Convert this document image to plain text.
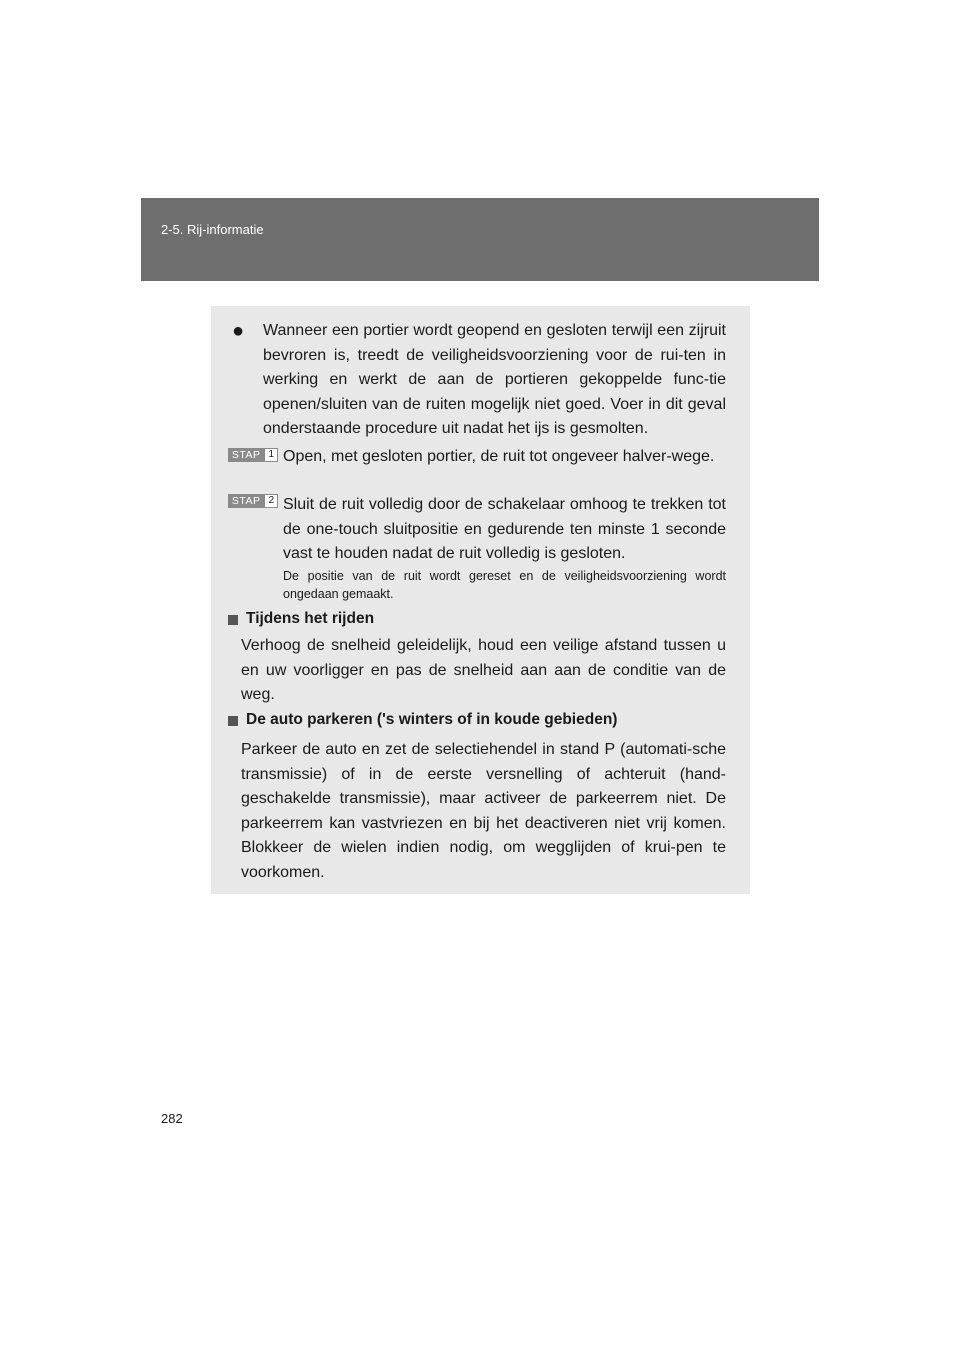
2-5. Rij-informatie
● Wanneer een portier wordt geopend en gesloten terwijl een zijruit bevroren is, treedt de veiligheidsvoorziening voor de rui-ten in werking en werkt de aan de portieren gekoppelde func-tie openen/sluiten van de ruiten mogelijk niet goed. Voer in dit geval onderstaande procedure uit nadat het ijs is gesmolten.

STAP 1 Open, met gesloten portier, de ruit tot ongeveer halver-wege.

STAP 2 Sluit de ruit volledig door de schakelaar omhoog te trekken tot de one-touch sluitpositie en gedurende ten minste 1 seconde vast te houden nadat de ruit volledig is gesloten.

De positie van de ruit wordt gereset en de veiligheidsvoorziening wordt ongedaan gemaakt.

Tijdens het rijden

Verhoog de snelheid geleidelijk, houd een veilige afstand tussen u en uw voorligger en pas de snelheid aan aan de conditie van de weg.

De auto parkeren ('s winters of in koude gebieden)

Parkeer de auto en zet de selectiehendel in stand P (automati-sche transmissie) of in de eerste versnelling of achteruit (hand-geschakelde transmissie), maar activeer de parkeerrem niet. De parkeerrem kan vastvriezen en bij het deactiveren niet vrij komen. Blokkeer de wielen indien nodig, om wegglijden of krui-pen te voorkomen.

282
